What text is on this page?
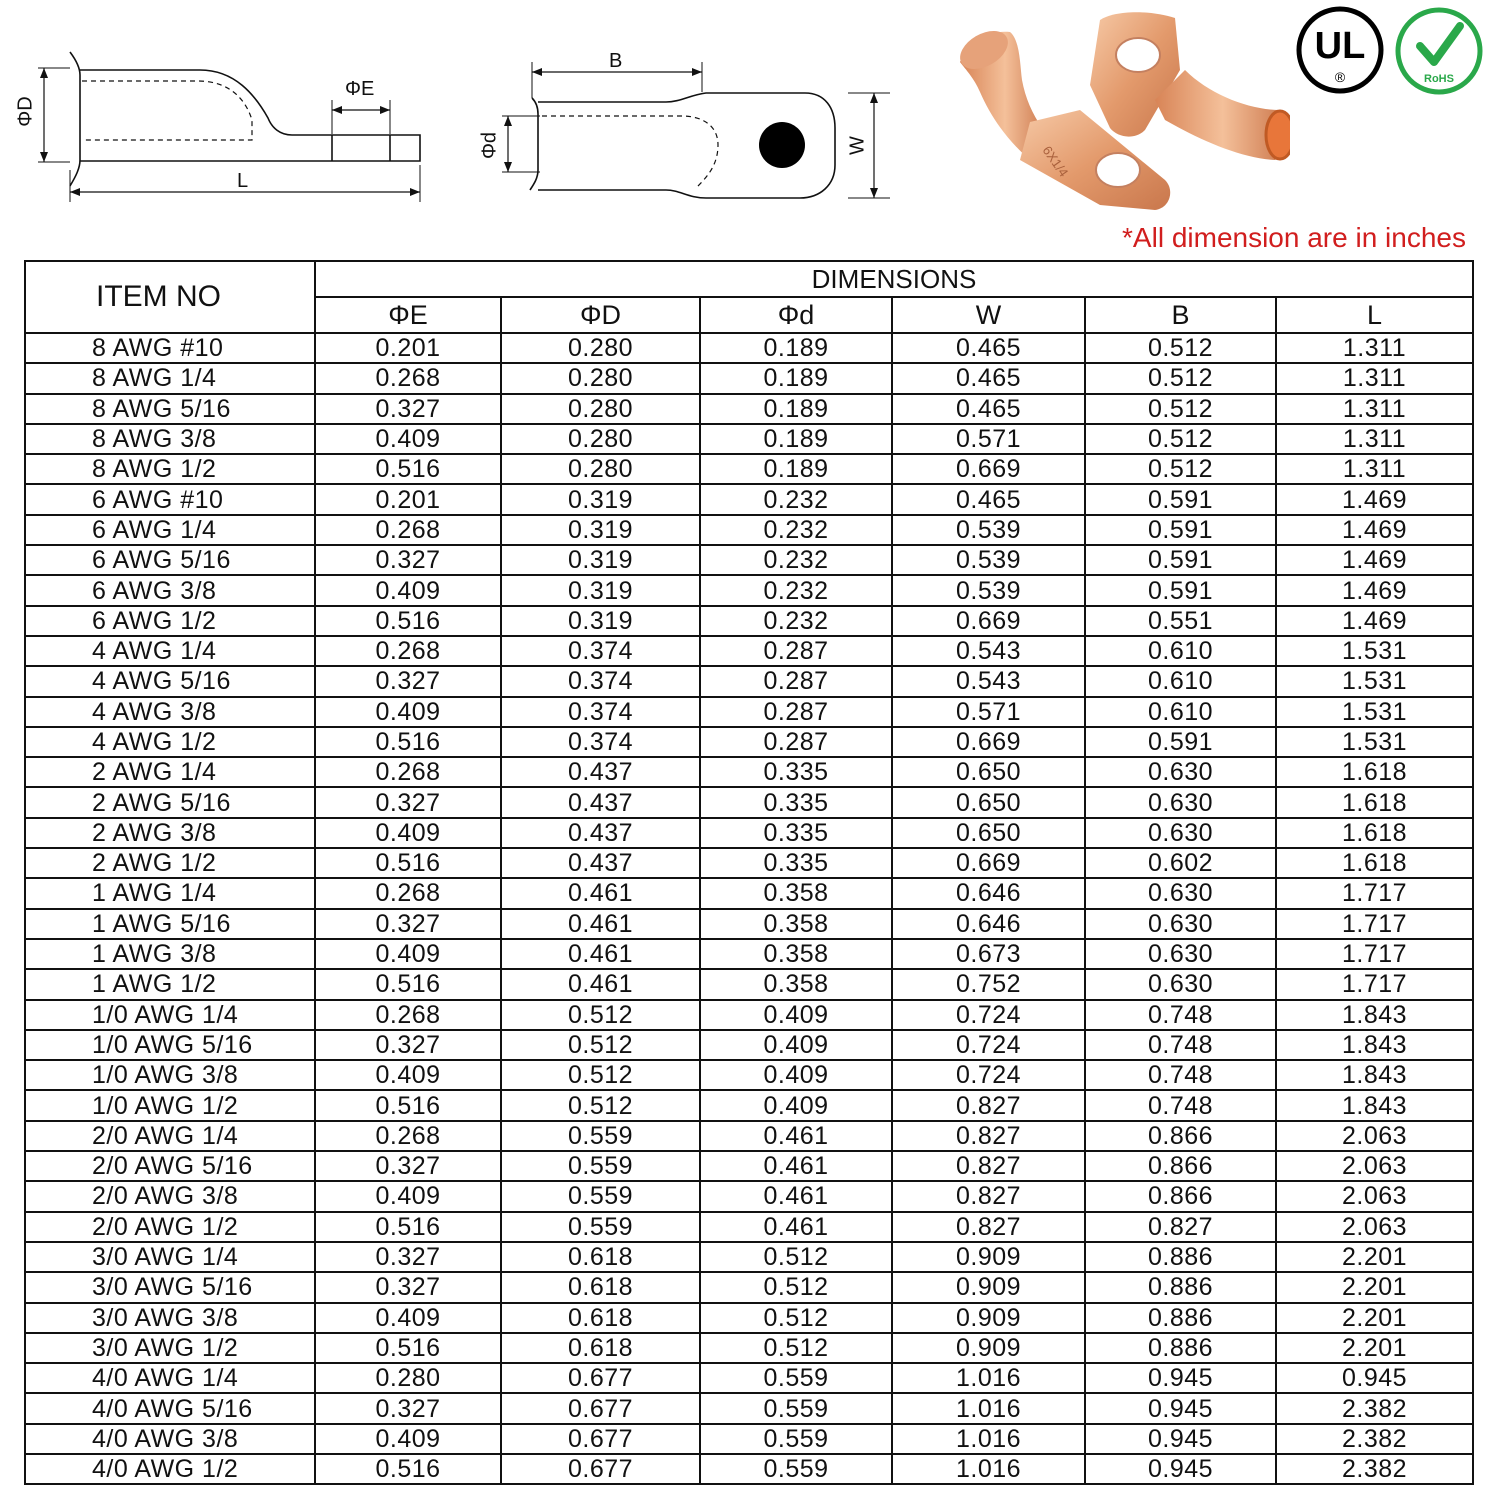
ΦD
ΦE
L
B
Φd	W	6X1/4
UL
®	RoHS
*All dimension are in inches
ITEM NO	DIMENSIONS					
	ΦE	ΦD	Φd	W	B	L
8 AWG #10	0.201	0.280	0.189	0.465	0.512	1.311
8 AWG 1/4	0.268	0.280	0.189	0.465	0.512	1.311
8 AWG 5/16	0.327	0.280	0.189	0.465	0.512	1.311
8 AWG 3/8	0.409	0.280	0.189	0.571	0.512	1.311
8 AWG 1/2	0.516	0.280	0.189	0.669	0.512	1.311
6 AWG #10	0.201	0.319	0.232	0.465	0.591	1.469
6 AWG 1/4	0.268	0.319	0.232	0.539	0.591	1.469
6 AWG 5/16	0.327	0.319	0.232	0.539	0.591	1.469
6 AWG 3/8	0.409	0.319	0.232	0.539	0.591	1.469
6 AWG 1/2	0.516	0.319	0.232	0.669	0.551	1.469
4 AWG 1/4	0.268	0.374	0.287	0.543	0.610	1.531
4 AWG 5/16	0.327	0.374	0.287	0.543	0.610	1.531
4 AWG 3/8	0.409	0.374	0.287	0.571	0.610	1.531
4 AWG 1/2	0.516	0.374	0.287	0.669	0.591	1.531
2 AWG 1/4	0.268	0.437	0.335	0.650	0.630	1.618
2 AWG 5/16	0.327	0.437	0.335	0.650	0.630	1.618
2 AWG 3/8	0.409	0.437	0.335	0.650	0.630	1.618
2 AWG 1/2	0.516	0.437	0.335	0.669	0.602	1.618
1 AWG 1/4	0.268	0.461	0.358	0.646	0.630	1.717
1 AWG 5/16	0.327	0.461	0.358	0.646	0.630	1.717
1 AWG 3/8	0.409	0.461	0.358	0.673	0.630	1.717
1 AWG 1/2	0.516	0.461	0.358	0.752	0.630	1.717
1/0 AWG 1/4	0.268	0.512	0.409	0.724	0.748	1.843
1/0 AWG 5/16	0.327	0.512	0.409	0.724	0.748	1.843
1/0 AWG 3/8	0.409	0.512	0.409	0.724	0.748	1.843
1/0 AWG 1/2	0.516	0.512	0.409	0.827	0.748	1.843
2/0 AWG 1/4	0.268	0.559	0.461	0.827	0.866	2.063
2/0 AWG 5/16	0.327	0.559	0.461	0.827	0.866	2.063
2/0 AWG 3/8	0.409	0.559	0.461	0.827	0.866	2.063
2/0 AWG 1/2	0.516	0.559	0.461	0.827	0.827	2.063
3/0 AWG 1/4	0.327	0.618	0.512	0.909	0.886	2.201
3/0 AWG 5/16	0.327	0.618	0.512	0.909	0.886	2.201
3/0 AWG 3/8	0.409	0.618	0.512	0.909	0.886	2.201
3/0 AWG 1/2	0.516	0.618	0.512	0.909	0.886	2.201
4/0 AWG 1/4	0.280	0.677	0.559	1.016	0.945	0.945
4/0 AWG 5/16	0.327	0.677	0.559	1.016	0.945	2.382
4/0 AWG 3/8	0.409	0.677	0.559	1.016	0.945	2.382
4/0 AWG 1/2	0.516	0.677	0.559	1.016	0.945	2.382
